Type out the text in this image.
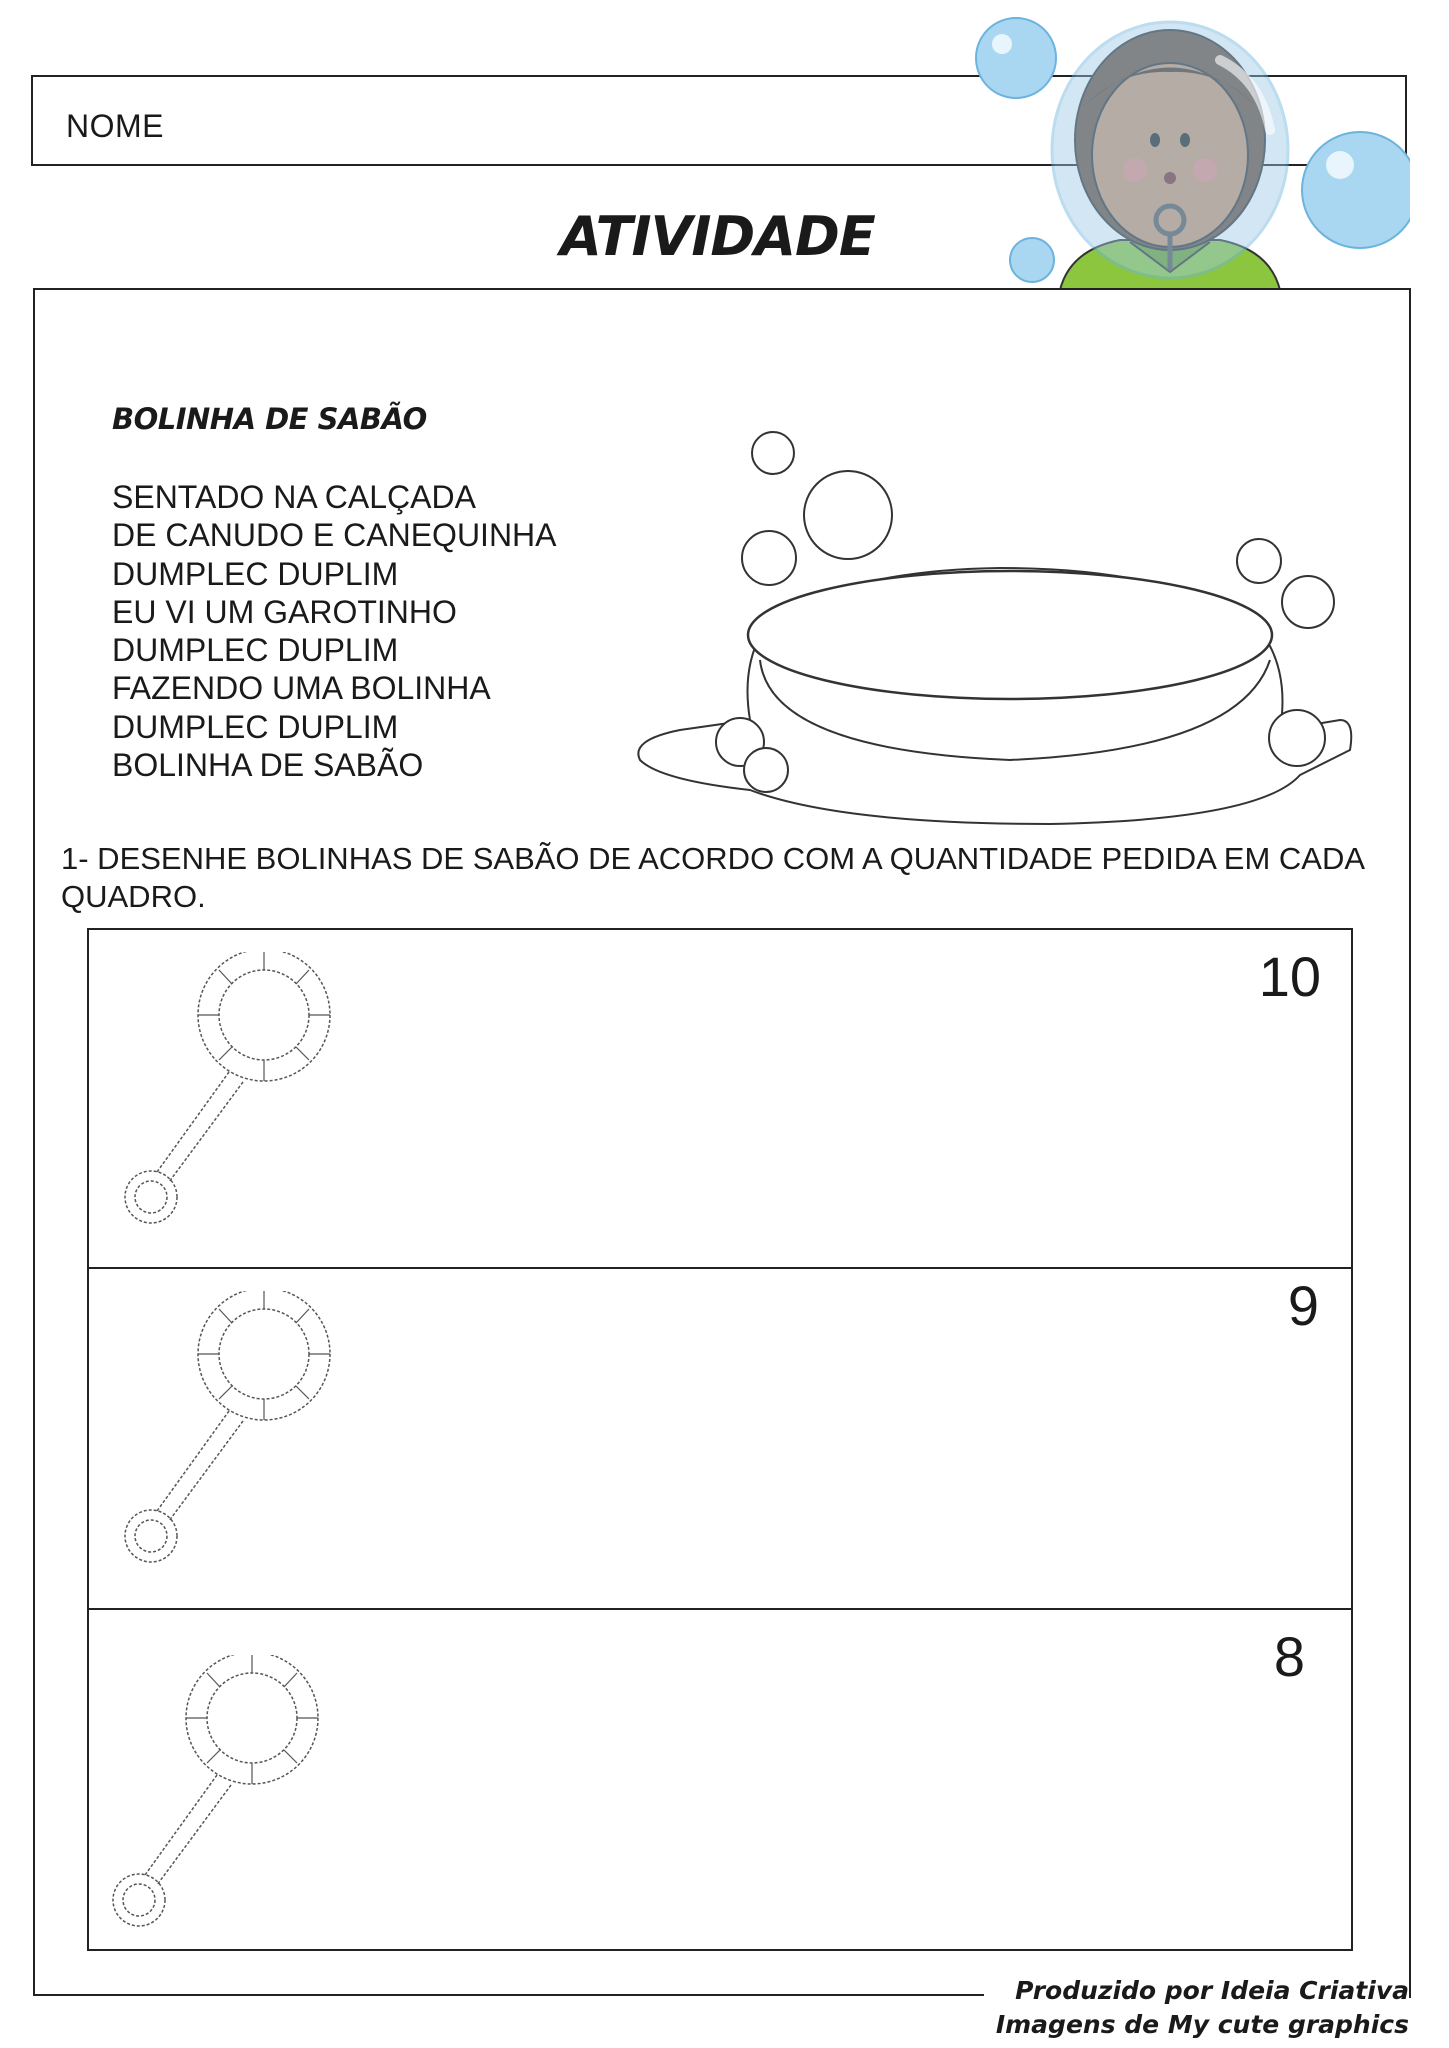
NOME
ATIVIDADE
BOLINHA DE SABÃO
SENTADO NA CALÇADA
DE CANUDO E CANEQUINHA
DUMPLEC DUPLIM
EU VI UM GAROTINHO
DUMPLEC DUPLIM
FAZENDO UMA BOLINHA
DUMPLEC DUPLIM
BOLINHA DE SABÃO
1- DESENHE BOLINHAS DE SABÃO DE ACORDO COM A QUANTIDADE PEDIDA EM CADA QUADRO.
10
9
8
Produzido por Ideia Criativa
Imagens de My cute graphics
